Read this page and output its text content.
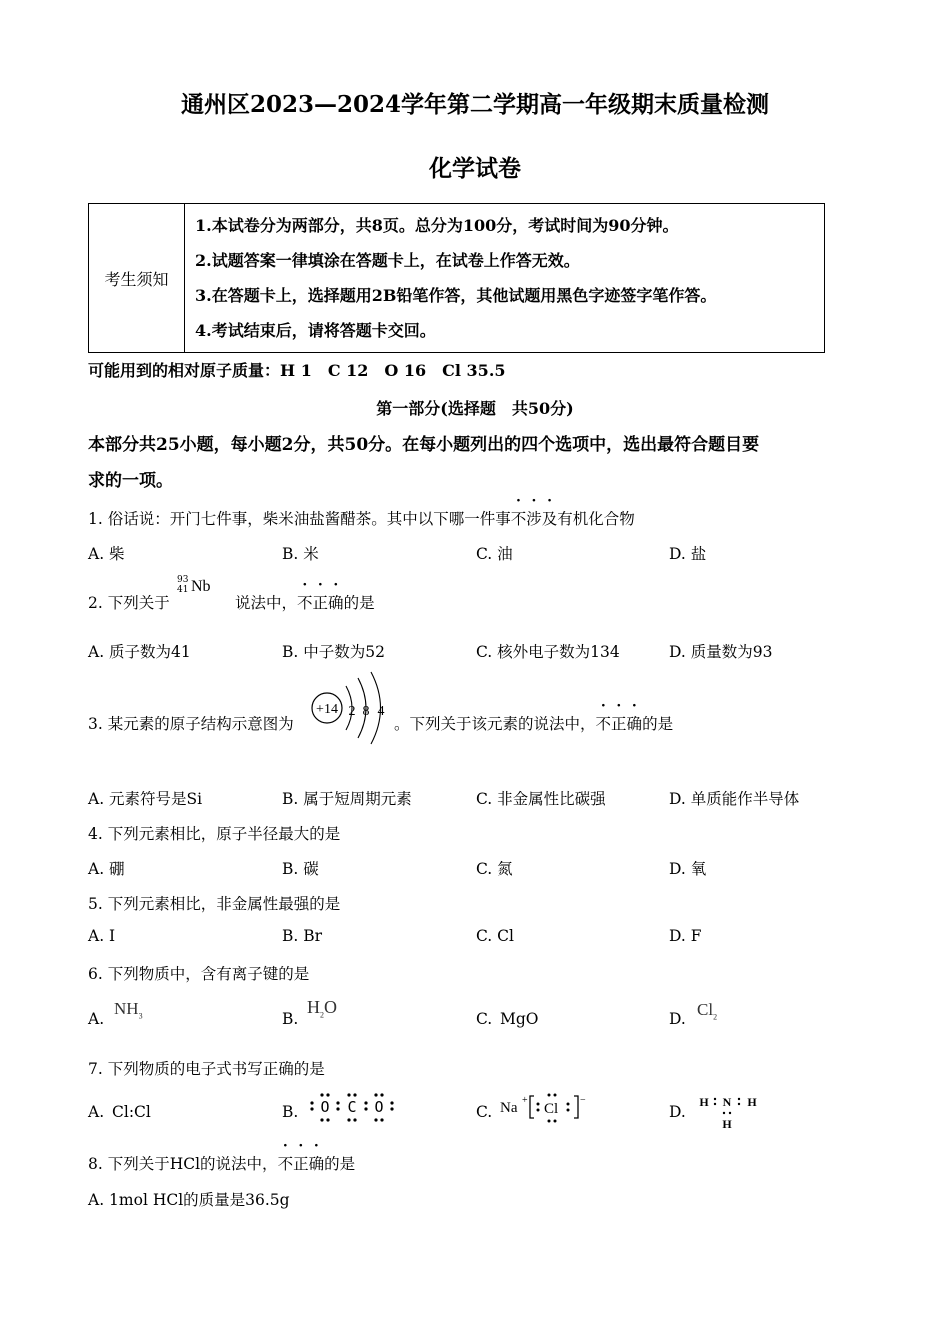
通州区2023—2024学年第二学期高一年级期末质量检测
化学试卷
考生须知	
1.本试卷分为两部分，共8页。总分为100分，考试时间为90分钟。
2.试题答案一律填涂在答题卡上，在试卷上作答无效。
3.在答题卡上，选择题用2B铅笔作答，其他试题用黑色字迹签字笔作答。
4.考试结束后，请将答题卡交回。
可能用到的相对原子质量：H 1　C 12　O 16　Cl 35.5
第一部分(选择题　共50分)
本部分共25小题，每小题2分，共50分。在每小题列出的四个选项中，选出最符合题目要
求的一项。
1. 俗话说：开门七件事，柴米油盐酱醋茶。其中以下哪一件事不涉及有机化合物
A. 柴	B. 米	C. 油	D. 盐
2. 下列关于
93
41 Nb
说法中，不正确的是
A. 质子数为41	B. 中子数为52	C. 核外电子数为134	D. 质量数为93
3. 某元素的原子结构示意图为
+14 2 8 4
。下列关于该元素的说法中，不正确的是
A. 元素符号是Si	B. 属于短周期元素	C. 非金属性比碳强	D. 单质能作半导体
4. 下列元素相比，原子半径最大的是
A. 硼	B. 碳	C. 氮	D. 氧
5. 下列元素相比，非金属性最强的是
A. I	B. Br	C. Cl	D. F
6. 下列物质中，含有离子键的是
A.
$NH_3$	B.
$H_2O$
C. MgO	D. $Cl_2$
7. 下列物质的电子式书写正确的是
A. Cl:Cl	B. O C O	C. Na +
Cl
−
D.
H N H
H
8. 下列关于HCl的说法中，不正确的是
A. 1mol HCl的质量是36.5g
